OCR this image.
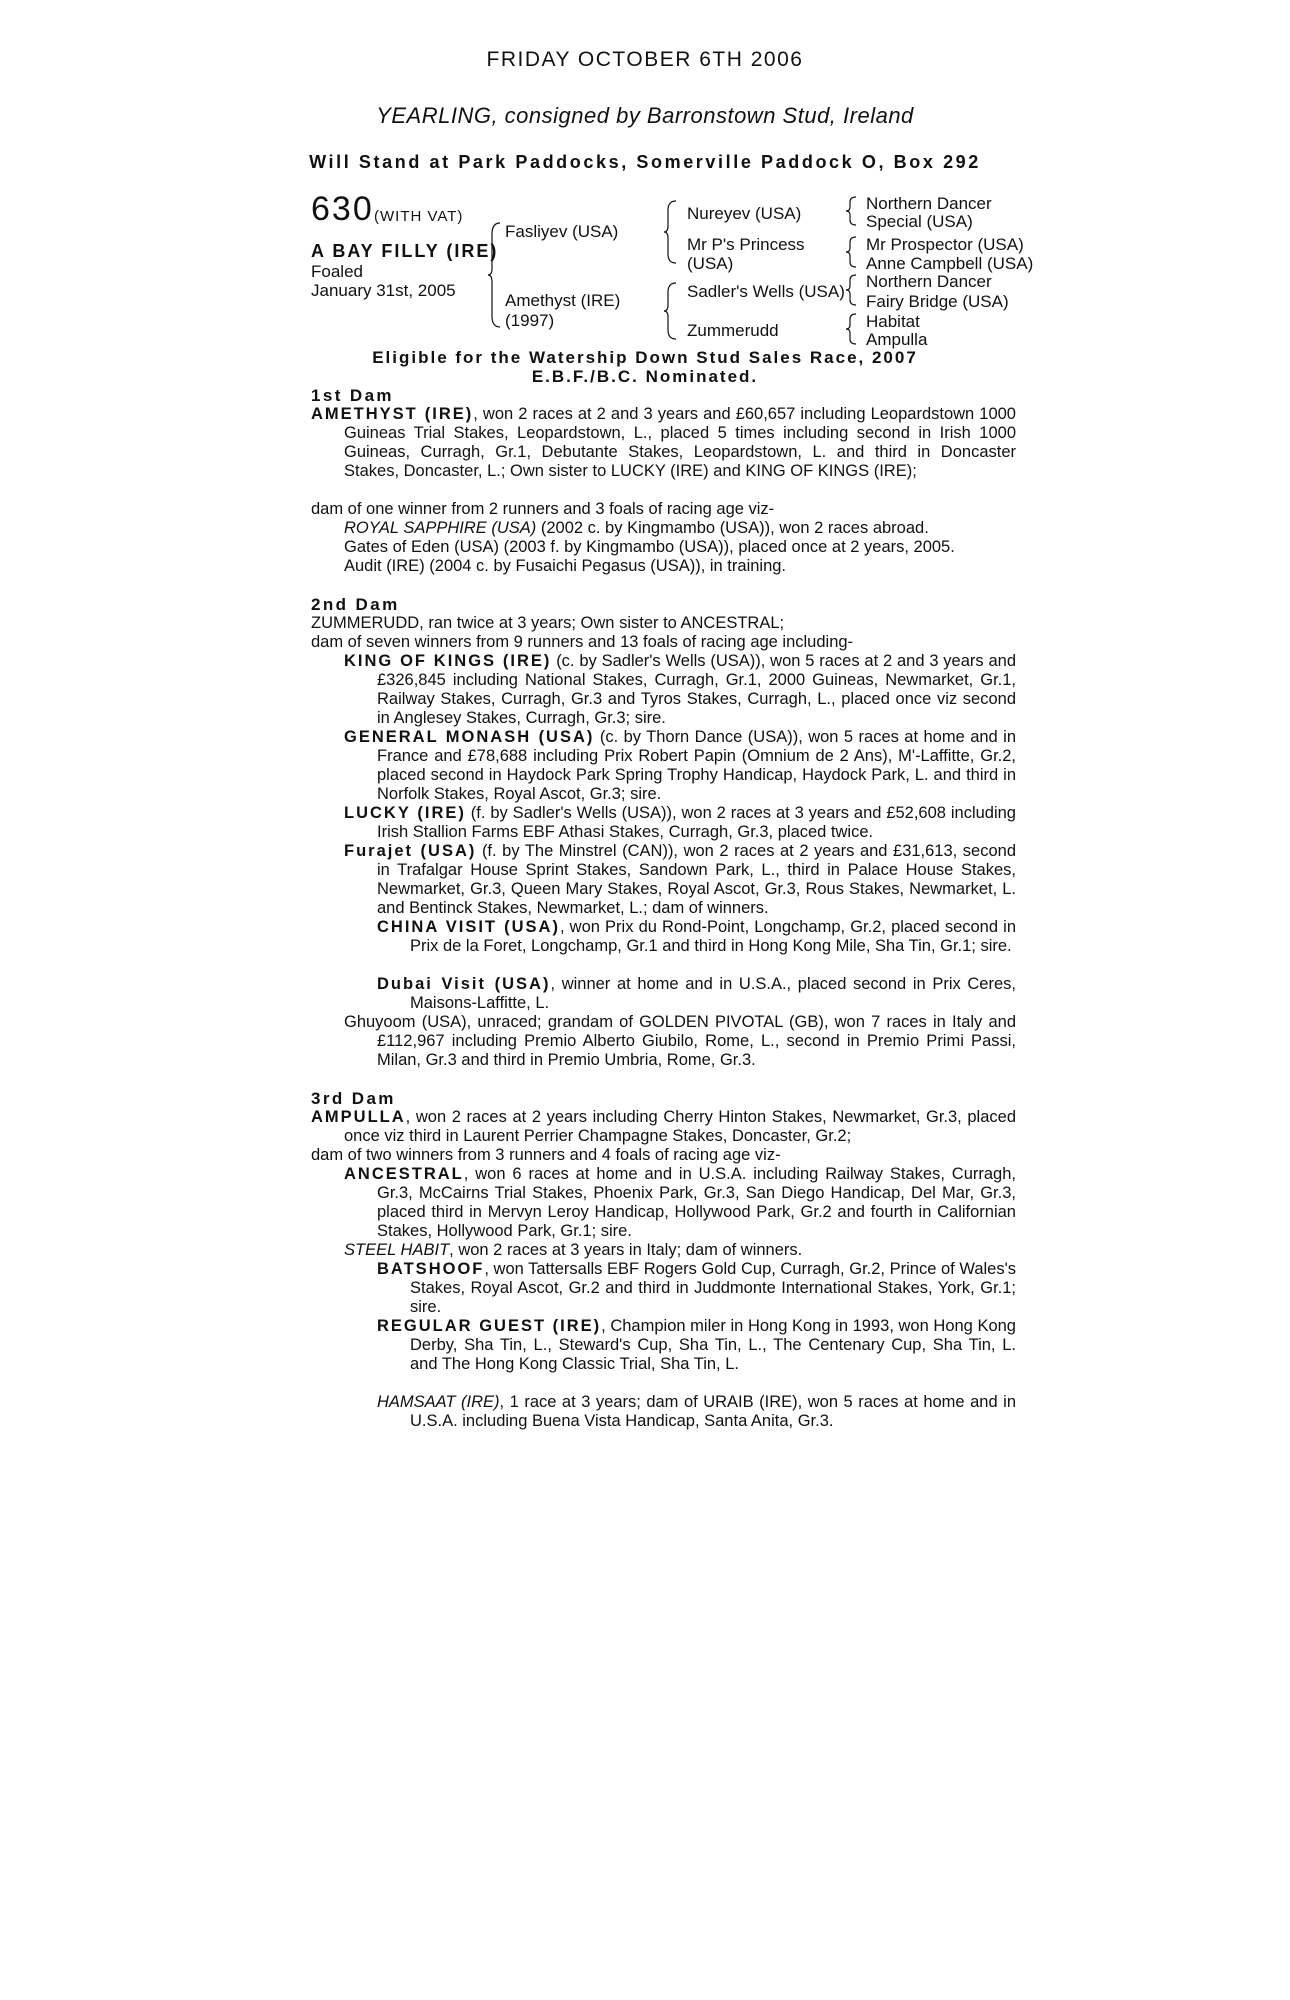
FRIDAY OCTOBER 6TH 2006
YEARLING, consigned by Barronstown Stud, Ireland
Will Stand at Park Paddocks, Somerville Paddock O, Box 292
630 (WITH VAT)
A BAY FILLY (IRE)
Foaled
January 31st, 2005
Fasliyev (USA)
Amethyst (IRE)
(1997)
Nureyev (USA)
Mr P's Princess
(USA)
Sadler's Wells (USA)
Zummerudd
Northern Dancer
Special (USA)
Mr Prospector (USA)
Anne Campbell (USA)
Northern Dancer
Fairy Bridge (USA)
Habitat
Ampulla
Eligible for the Watership Down Stud Sales Race, 2007
E.B.F./B.C. Nominated.
1st Dam
AMETHYST (IRE), won 2 races at 2 and 3 years and £60,657 including Leopardstown 1000 Guineas Trial Stakes, Leopardstown, L., placed 5 times including second in Irish 1000 Guineas, Curragh, Gr.1, Debutante Stakes, Leopardstown, L. and third in Doncaster Stakes, Doncaster, L.; Own sister to LUCKY (IRE) and KING OF KINGS (IRE);
dam of one winner from 2 runners and 3 foals of racing age viz-
ROYAL SAPPHIRE (USA) (2002 c. by Kingmambo (USA)), won 2 races abroad.
Gates of Eden (USA) (2003 f. by Kingmambo (USA)), placed once at 2 years, 2005.
Audit (IRE) (2004 c. by Fusaichi Pegasus (USA)), in training.
2nd Dam
ZUMMERUDD, ran twice at 3 years; Own sister to ANCESTRAL;
dam of seven winners from 9 runners and 13 foals of racing age including-
KING OF KINGS (IRE) (c. by Sadler's Wells (USA)), won 5 races at 2 and 3 years and £326,845 including National Stakes, Curragh, Gr.1, 2000 Guineas, Newmarket, Gr.1, Railway Stakes, Curragh, Gr.3 and Tyros Stakes, Curragh, L., placed once viz second in Anglesey Stakes, Curragh, Gr.3; sire.
GENERAL MONASH (USA) (c. by Thorn Dance (USA)), won 5 races at home and in France and £78,688 including Prix Robert Papin (Omnium de 2 Ans), M'-Laffitte, Gr.2, placed second in Haydock Park Spring Trophy Handicap, Haydock Park, L. and third in Norfolk Stakes, Royal Ascot, Gr.3; sire.
LUCKY (IRE) (f. by Sadler's Wells (USA)), won 2 races at 3 years and £52,608 including Irish Stallion Farms EBF Athasi Stakes, Curragh, Gr.3, placed twice.
Furajet (USA) (f. by The Minstrel (CAN)), won 2 races at 2 years and £31,613, second in Trafalgar House Sprint Stakes, Sandown Park, L., third in Palace House Stakes, Newmarket, Gr.3, Queen Mary Stakes, Royal Ascot, Gr.3, Rous Stakes, Newmarket, L. and Bentinck Stakes, Newmarket, L.; dam of winners.
CHINA VISIT (USA), won Prix du Rond-Point, Longchamp, Gr.2, placed second in Prix de la Foret, Longchamp, Gr.1 and third in Hong Kong Mile, Sha Tin, Gr.1; sire.
Dubai Visit (USA), winner at home and in U.S.A., placed second in Prix Ceres, Maisons-Laffitte, L.
Ghuyoom (USA), unraced; grandam of GOLDEN PIVOTAL (GB), won 7 races in Italy and £112,967 including Premio Alberto Giubilo, Rome, L., second in Premio Primi Passi, Milan, Gr.3 and third in Premio Umbria, Rome, Gr.3.
3rd Dam
AMPULLA, won 2 races at 2 years including Cherry Hinton Stakes, Newmarket, Gr.3, placed once viz third in Laurent Perrier Champagne Stakes, Doncaster, Gr.2;
dam of two winners from 3 runners and 4 foals of racing age viz-
ANCESTRAL, won 6 races at home and in U.S.A. including Railway Stakes, Curragh, Gr.3, McCairns Trial Stakes, Phoenix Park, Gr.3, San Diego Handicap, Del Mar, Gr.3, placed third in Mervyn Leroy Handicap, Hollywood Park, Gr.2 and fourth in Californian Stakes, Hollywood Park, Gr.1; sire.
STEEL HABIT, won 2 races at 3 years in Italy; dam of winners.
BATSHOOF, won Tattersalls EBF Rogers Gold Cup, Curragh, Gr.2, Prince of Wales's Stakes, Royal Ascot, Gr.2 and third in Juddmonte International Stakes, York, Gr.1; sire.
REGULAR GUEST (IRE), Champion miler in Hong Kong in 1993, won Hong Kong Derby, Sha Tin, L., Steward's Cup, Sha Tin, L., The Centenary Cup, Sha Tin, L. and The Hong Kong Classic Trial, Sha Tin, L.
HAMSAAT (IRE), 1 race at 3 years; dam of URAIB (IRE), won 5 races at home and in U.S.A. including Buena Vista Handicap, Santa Anita, Gr.3.
